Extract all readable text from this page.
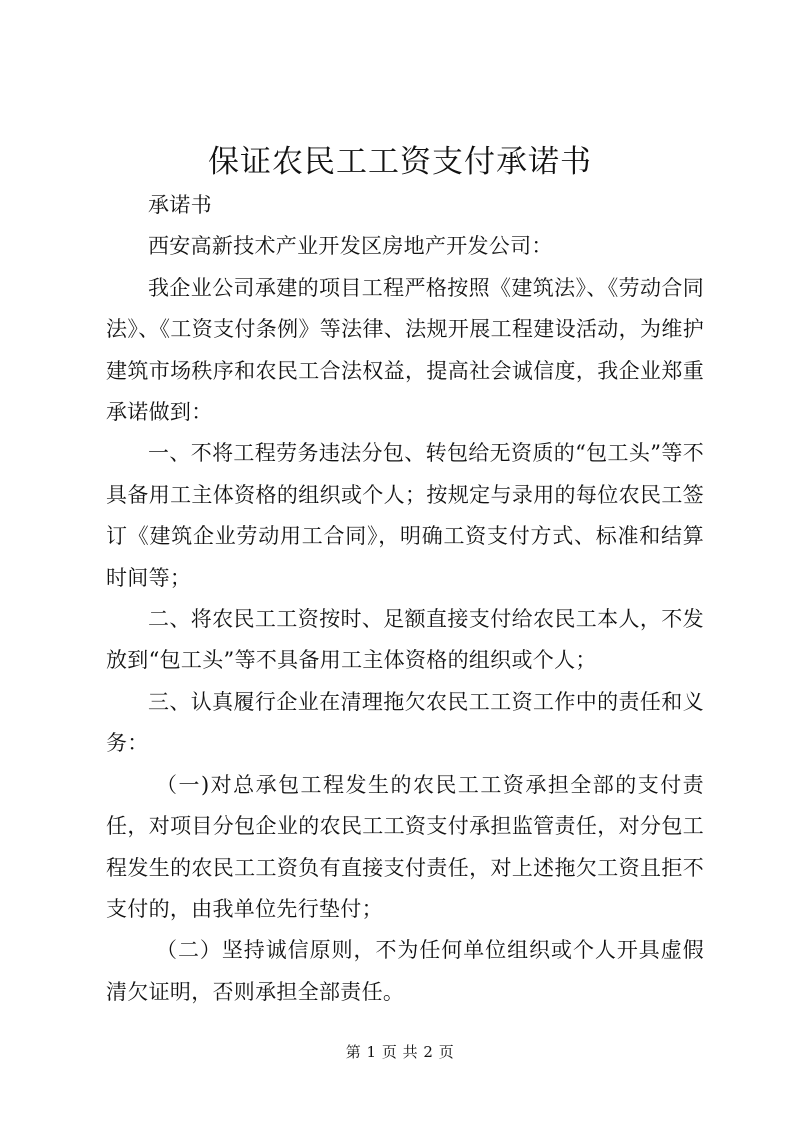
保证农民工工资支付承诺书

承诺书

西安高新技术产业开发区房地产开发公司：

我企业公司承建的项目工程严格按照《建筑法》、《劳动合同法》、《工资支付条例》等法律、法规开展工程建设活动，为维护建筑市场秩序和农民工合法权益，提高社会诚信度，我企业郑重承诺做到：

一、不将工程劳务违法分包、转包给无资质的“包工头”等不具备用工主体资格的组织或个人；按规定与录用的每位农民工签订《建筑企业劳动用工合同》，明确工资支付方式、标准和结算时间等；

二、将农民工工资按时、足额直接支付给农民工本人，不发放到“包工头”等不具备用工主体资格的组织或个人；

三、认真履行企业在清理拖欠农民工工资工作中的责任和义务：

（一)对总承包工程发生的农民工工资承担全部的支付责任，对项目分包企业的农民工工资支付承担监管责任，对分包工程发生的农民工工资负有直接支付责任，对上述拖欠工资且拒不支付的，由我单位先行垫付；

（二）坚持诚信原则，不为任何单位组织或个人开具虚假清欠证明，否则承担全部责任。

第 1 页 共 2 页
